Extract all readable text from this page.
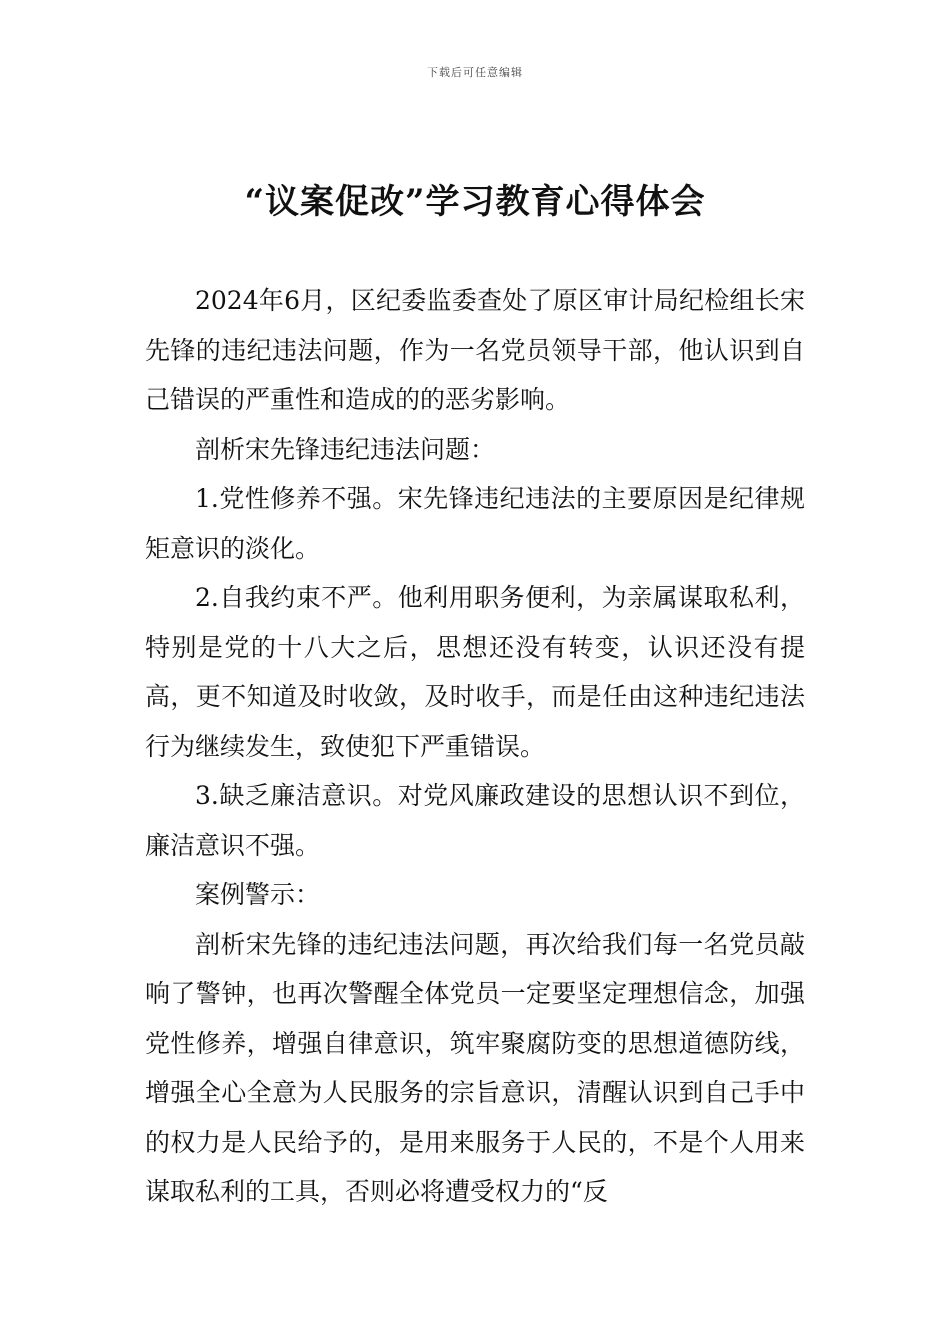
下载后可任意编辑
“议案促改”学习教育心得体会

2024年6月，区纪委监委查处了原区审计局纪检组长宋先锋的违纪违法问题，作为一名党员领导干部，他认识到自己错误的严重性和造成的的恶劣影响。

剖析宋先锋违纪违法问题：

1.党性修养不强。宋先锋违纪违法的主要原因是纪律规矩意识的淡化。

2.自我约束不严。他利用职务便利，为亲属谋取私利，特别是党的十八大之后，思想还没有转变，认识还没有提高，更不知道及时收敛，及时收手，而是任由这种违纪违法行为继续发生，致使犯下严重错误。

3.缺乏廉洁意识。对党风廉政建设的思想认识不到位，廉洁意识不强。

案例警示：

剖析宋先锋的违纪违法问题，再次给我们每一名党员敲响了警钟，也再次警醒全体党员一定要坚定理想信念，加强党性修养，增强自律意识，筑牢聚腐防变的思想道德防线，增强全心全意为人民服务的宗旨意识，清醒认识到自己手中的权力是人民给予的，是用来服务于人民的，不是个人用来谋取私利的工具，否则必将遭受权力的“反
